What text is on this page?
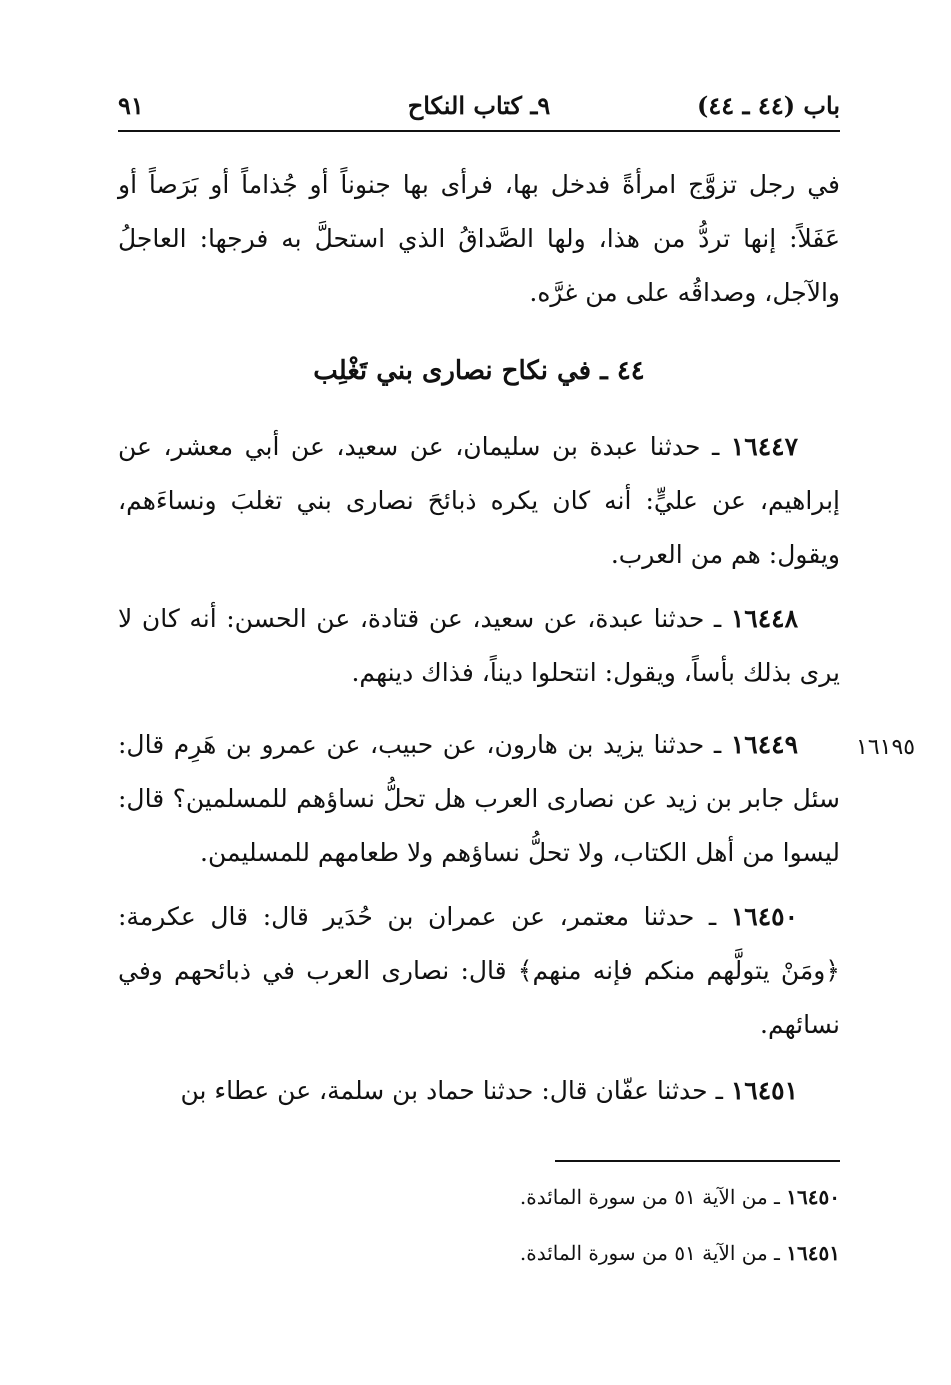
باب (٤٤ ـ ٤٤)
٩ـ كتاب النكاح
٩١
في رجل تزوَّج امرأةً فدخل بها، فرأى بها جنوناً أو جُذاماً أو بَرَصاً أو عَفَلاً: إنها تردُّ من هذا، ولها الصَّداقُ الذي استحلَّ به فرجها: العاجلُ والآجل، وصداقُه على من غرَّه.
٤٤ ـ في نكاح نصارى بني تَغْلِب
١٦٤٤٧ ـ حدثنا عبدة بن سليمان، عن سعيد، عن أبي معشر، عن إبراهيم، عن عليٍّ: أنه كان يكره ذبائحَ نصارى بني تغلبَ ونساءَهم، ويقول: هم من العرب.
١٦٤٤٨ ـ حدثنا عبدة، عن سعيد، عن قتادة، عن الحسن: أنه كان لا يرى بذلك بأساً، ويقول: انتحلوا ديناً، فذاك دينهم.
١٦١٩٥
١٦٤٤٩ ـ حدثنا يزيد بن هارون، عن حبيب، عن عمرو بن هَرِم قال: سئل جابر بن زيد عن نصارى العرب هل تحلُّ نساؤهم للمسلمين؟ قال: ليسوا من أهل الكتاب، ولا تحلُّ نساؤهم ولا طعامهم للمسليمن.
١٦٤٥٠ ـ حدثنا معتمر، عن عمران بن حُدَير قال: قال عكرمة: ﴿ومَنْ يتولَّهم منكم فإنه منهم﴾ قال: نصارى العرب في ذبائحهم وفي نسائهم.
١٦٤٥١ ـ حدثنا عفّان قال: حدثنا حماد بن سلمة، عن عطاء بن
١٦٤٥٠ ـ من الآية ٥١ من سورة المائدة.
١٦٤٥١ ـ من الآية ٥١ من سورة المائدة.
